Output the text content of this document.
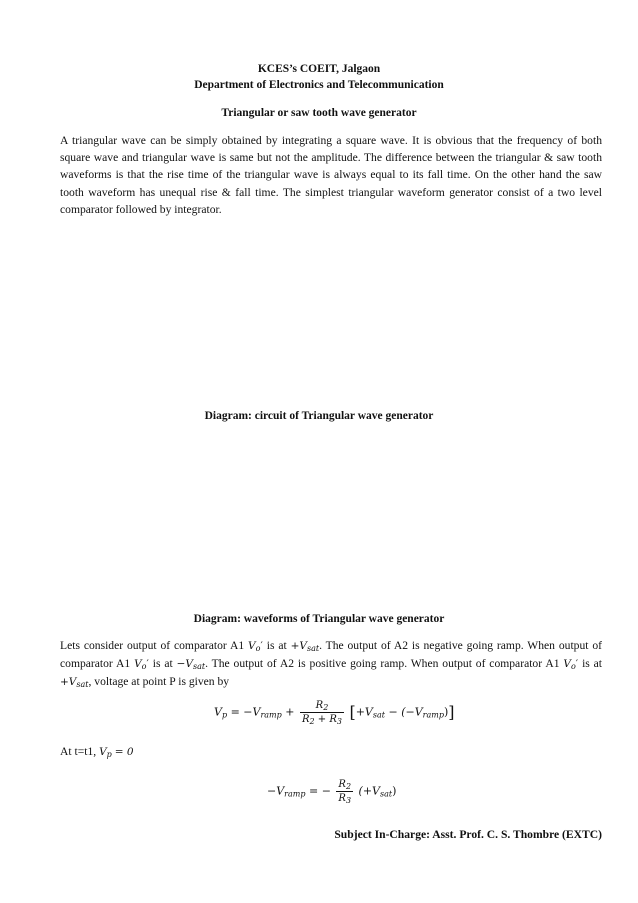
KCES’s COEIT, Jalgaon
Department of Electronics and Telecommunication
Triangular or saw tooth wave generator
A triangular wave can be simply obtained by integrating a square wave. It is obvious that the frequency of both square wave and triangular wave is same but not the amplitude. The difference between the triangular & saw tooth waveforms is that the rise time of the triangular wave is always equal to its fall time. On the other hand the saw tooth waveform has unequal rise & fall time. The simplest triangular waveform generator consist of a two level comparator followed by integrator.
Diagram: circuit of Triangular wave generator
Diagram: waveforms of Triangular wave generator
Lets consider output of comparator A1 $V_o'$ is at $+V_{sat}$. The output of A2 is negative going ramp. When output of comparator A1 $V_o'$ is at $-V_{sat}$. The output of A2 is positive going ramp. When output of comparator A1 $V_o'$ is at $+V_{sat}$, voltage at point P is given by
$V_p = -V_{ramp} + \frac{R_2}{R_2 + R_3} [+V_{sat} - (-V_{ramp})]$
At t=t1, $V_p = 0$
$-V_{ramp}$ = − $\frac{R_2}{R_3} (+V_{sat})$
Subject In-Charge: Asst. Prof. C. S. Thombre (EXTC)
